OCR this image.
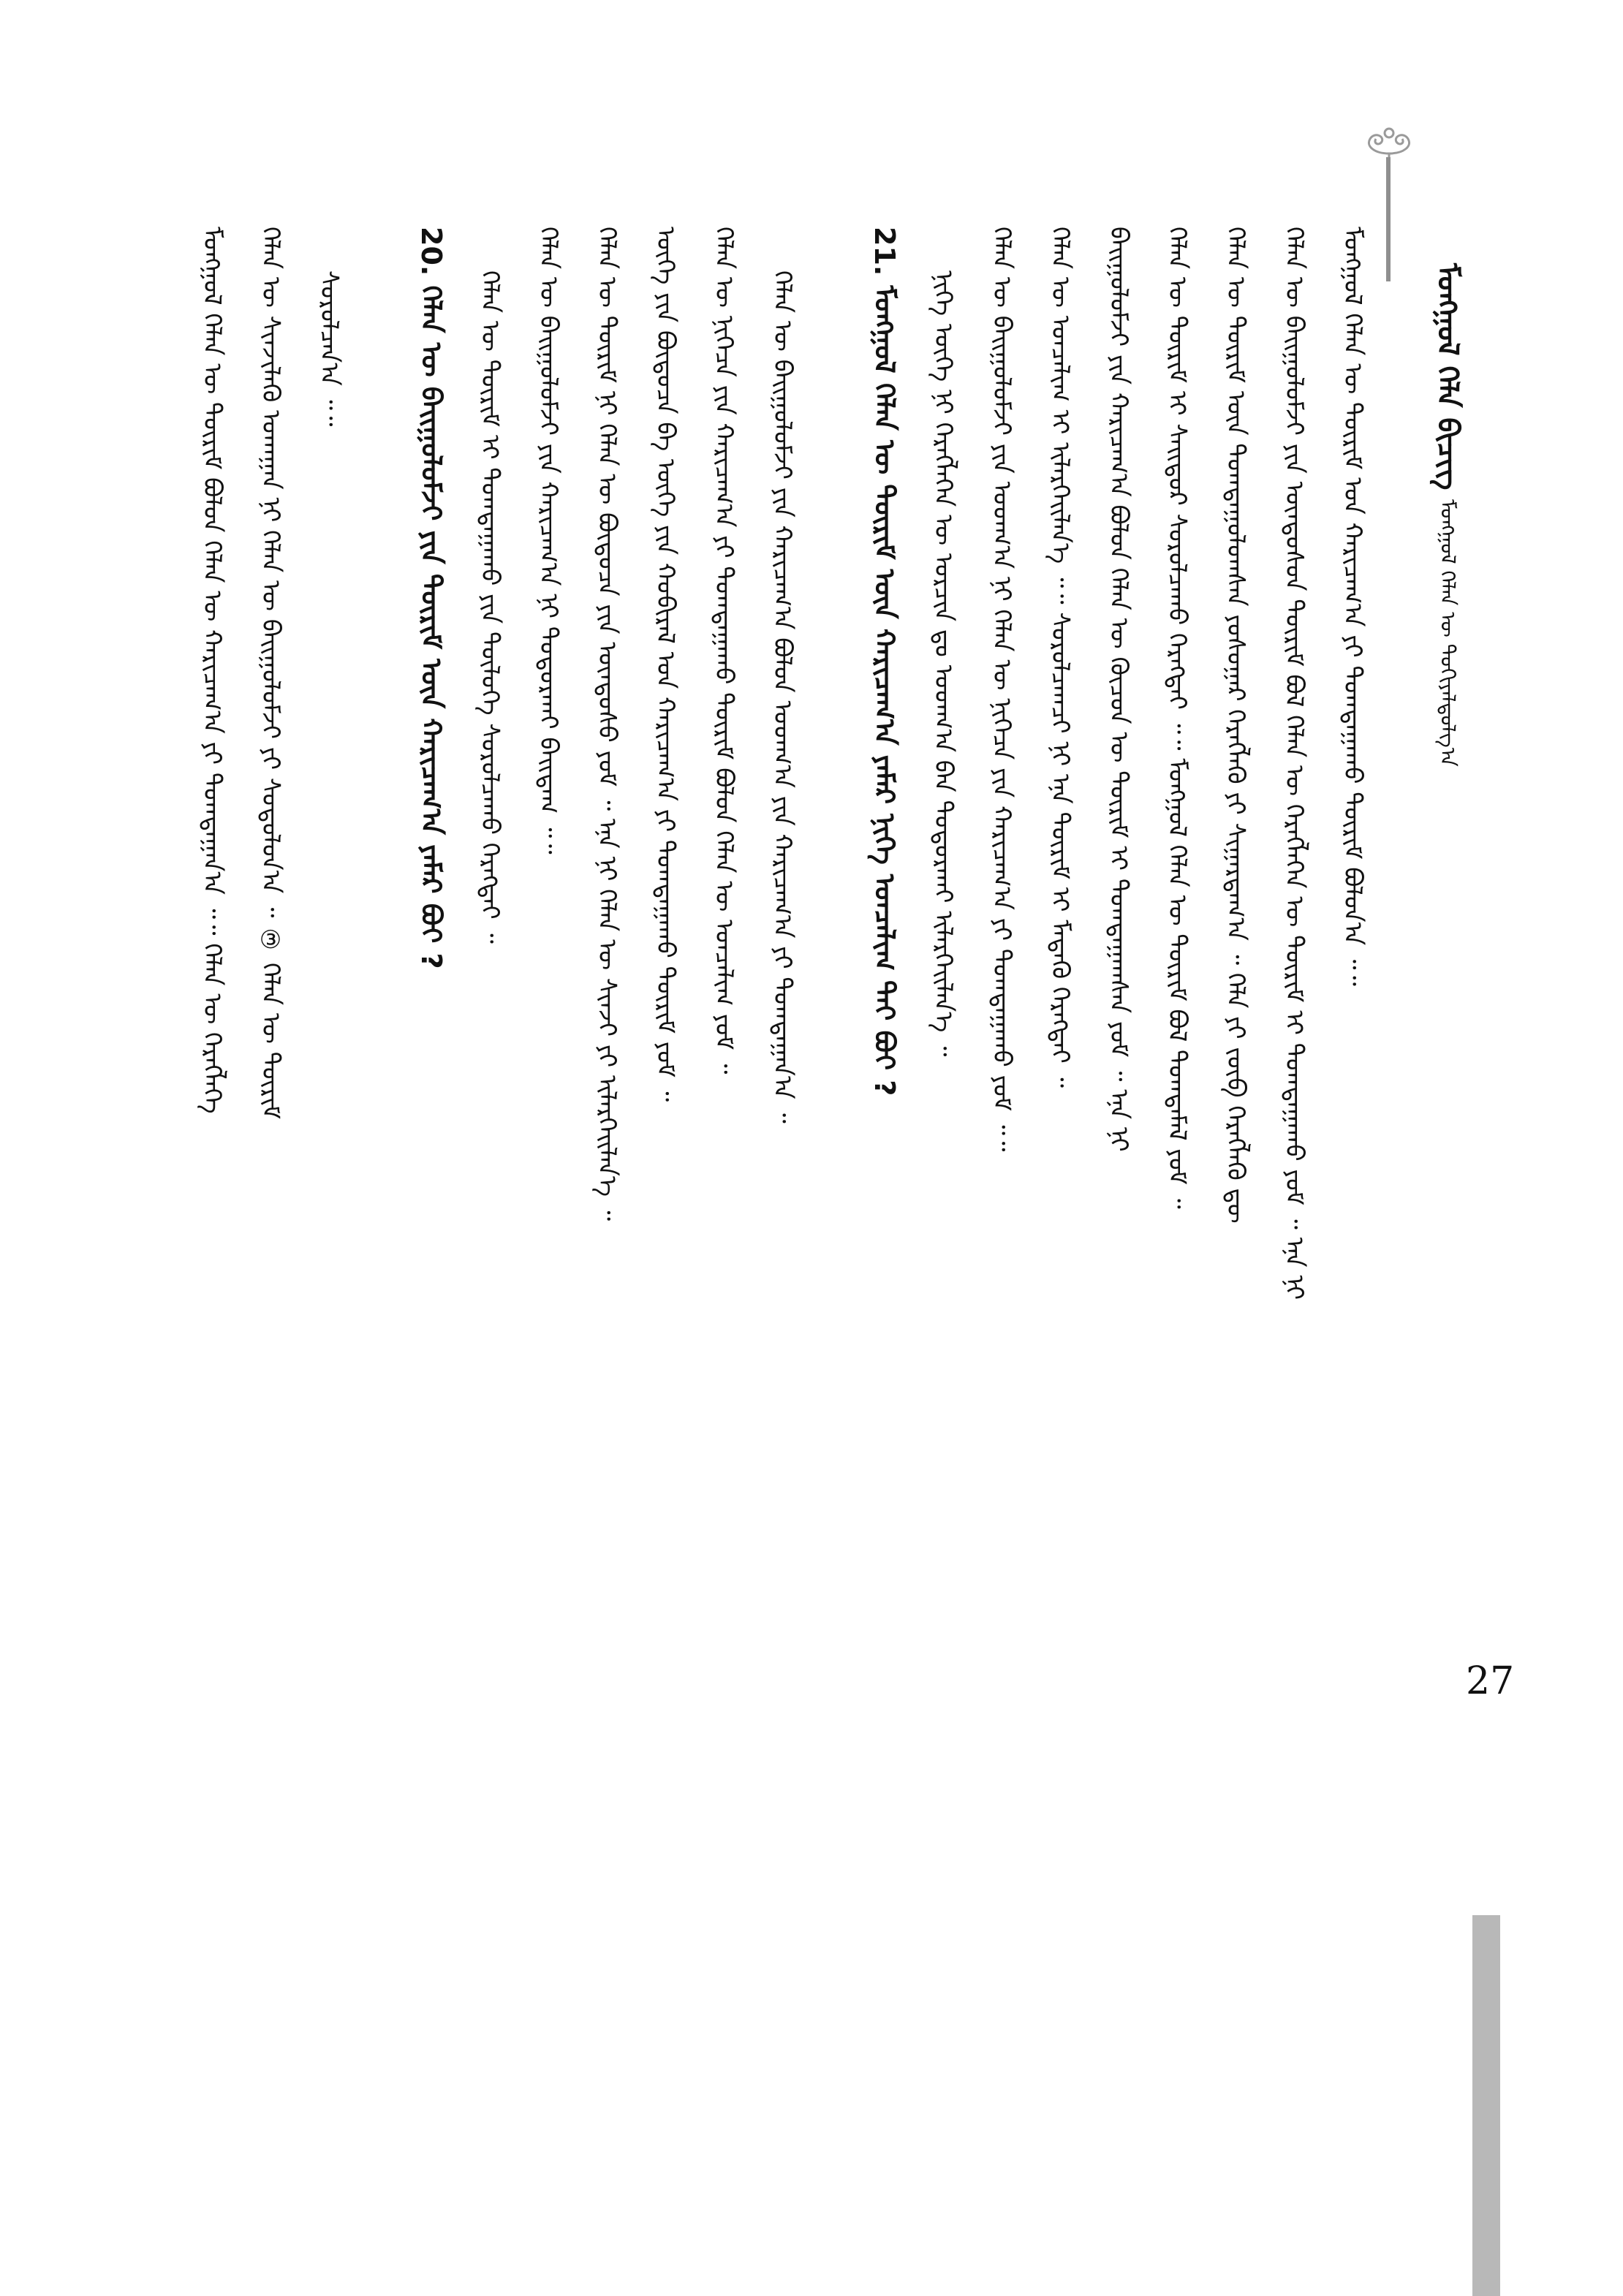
ᠮᠣᠩᠭᠣᠯ ᠬᠡᠯᠡ ᠪᠢᠴᠢᠭ᠌ ᠮᠣᠩᠭᠣᠯ ᠬᠡᠯᠡᠨ ᠦ ᠲᠣᠬᠢᠶᠠᠯᠳᠤᠯᠭ᠎ᠠ
27
ᠮᠣᠩᠭᠣᠯ ᠬᠡᠯᠡᠨ ᠦ ᠳᠦᠷᠢᠮ ᠤᠨ ᠬᠠᠷᠢᠴᠠᠭ᠎ᠠ ᠶᠢ ᠲᠣᠭᠲᠠᠭᠠᠬᠤ ᠳᠦᠷᠢᠮ ᠪᠣᠯᠤᠨ᠎ᠠ ᠃᠃
ᠬᠡᠯᠡᠨ ᠦ ᠪᠠᠢᠭᠤᠯᠤᠮᠵᠢ ᠶᠢᠨ ᠦᠨᠳᠦᠰᠦᠨ ᠳᠦᠷᠢᠮ ᠪᠣᠯ ᠬᠡᠯᠡᠨ ᠦ ᠬᠡᠷᠡᠭᠯᠡᠭᠡᠨ ᠦ ᠳᠦᠷᠢᠮ ᠢ ᠲᠣᠭᠲᠠᠭᠠᠬᠤ ᠶᠤᠮ ᠃ ᠡᠨᠡ ᠨᠢ
ᠬᠡᠯᠡᠨ ᠦ ᠳᠦᠷᠢᠮ ᠦᠨ ᠲᠣᠭᠲᠠᠭᠤᠯᠤᠭᠰᠠᠨ ᠶᠣᠰᠣᠭᠠᠷ ᠬᠡᠷᠡᠭᠯᠡᠬᠦ ᠶᠢ ᠰᠢᠭᠠᠷᠳᠠᠭ᠎ᠠ ᠃ ᠬᠡᠯᠡ ᠶᠢ ᠵᠥᠪ ᠬᠡᠷᠡᠭᠯᠡᠬᠦ ᠳᠦ
ᠬᠡᠯᠡᠨ ᠦ ᠳᠦᠷᠢᠮ ᠢ ᠰᠠᠢᠲᠤᠷ ᠰᠤᠷᠤᠯᠴᠠᠬᠤ ᠬᠡᠷᠡᠭᠲᠡᠢ ᠃᠃ ᠮᠣᠩᠭᠣᠯ ᠬᠡᠯᠡᠨ ᠦ ᠳᠦᠷᠢᠮ ᠪᠣᠯ ᠲᠣᠭᠲᠠᠮᠠᠯ ᠶᠤᠮ ᠃
ᠪᠠᠢᠭᠤᠯᠤᠮᠵᠢ ᠶᠢᠨ ᠬᠠᠷᠢᠴᠠᠭ᠎ᠠ ᠪᠣᠯᠤᠨ ᠬᠡᠯᠡᠨ ᠦ ᠬᠦᠴᠦᠨ ᠦ ᠳᠦᠷᠢᠮ ᠢ ᠲᠣᠭᠲᠠᠭᠠᠭᠰᠠᠨ ᠶᠤᠮ ᠃ ᠡᠨᠡ ᠨᠢ
ᠬᠡᠯᠡᠨ ᠦ ᠣᠨᠴᠠᠯᠢᠭ ᠢ ᠢᠯᠡᠷᠬᠡᠢᠯᠡᠨ᠎ᠡ ᠃᠃ ᠰᠤᠷᠤᠯᠴᠠᠭᠴᠢ ᠨᠢ ᠡᠨᠡ ᠳᠦᠷᠢᠮ ᠢ ᠮᠡᠳᠡᠬᠦ ᠬᠡᠷᠡᠭᠲᠡᠢ ᠃
ᠬᠡᠯᠡᠨ ᠦ ᠪᠠᠢᠭᠤᠯᠤᠮᠵᠢ ᠶᠢᠨ ᠤᠳᠬ᠎ᠠ ᠨᠢ ᠬᠡᠯᠡᠨ ᠦ ᠨᠢᠭᠡᠴᠡ ᠶᠢᠨ ᠬᠠᠷᠢᠴᠠᠭ᠎ᠠ ᠶᠢ ᠲᠣᠭᠲᠠᠭᠠᠬᠤ ᠶᠤᠮ ᠃᠃
ᠨᠢᠭᠡ ᠦᠭᠡ ᠨᠢ ᠬᠡᠷᠡᠭᠯᠡᠭᠡᠨ ᠦ ᠣᠷᠴᠢᠨ ᠳᠤ ᠤᠳᠬ᠎ᠠ ᠪᠠᠨ ᠲᠣᠳᠣᠷᠬᠠᠢ ᠢᠯᠡᠷᠬᠡᠢᠯᠡᠨ᠎ᠡ ᠃
21. ᠮᠣᠩᠭᠣᠯ ᠬᠡᠯᠡᠨ ᠦ ᠳᠦᠷᠢᠮ ᠦᠨ ᠬᠠᠷᠢᠴᠠᠭ᠎ᠠ ᠶᠠᠮᠠᠷ ᠨᠢᠭᠡ ᠣᠨᠴᠠᠯᠢᠭ ᠲᠠᠢ ᠪᠤᠢ ?
ᠬᠡᠯᠡᠨ ᠦ ᠪᠠᠢᠭᠤᠯᠤᠮᠵᠢ ᠶᠢᠨ ᠬᠠᠷᠢᠴᠠᠭ᠎ᠠ ᠪᠣᠯᠤᠨ ᠤᠳᠬ᠎ᠠ ᠶᠢᠨ ᠬᠠᠷᠢᠴᠠᠭ᠎ᠠ ᠶᠢ ᠲᠣᠭᠲᠠᠭᠠᠨ᠎ᠠ ᠃
ᠬᠡᠯᠡᠨ ᠦ ᠨᠢᠭᠡᠴᠡ ᠶᠢᠨ ᠬᠠᠷᠢᠴᠠᠭ᠎ᠠ ᠶᠢ ᠲᠣᠭᠲᠠᠭᠠᠬᠤ ᠳᠦᠷᠢᠮ ᠪᠣᠯᠤᠨ ᠬᠡᠯᠡᠨ ᠦ ᠣᠨᠴᠠᠯᠢᠭ ᠶᠤᠮ ᠃
ᠦᠭᠡ ᠶᠢᠨ ᠪᠦᠲᠦᠴᠡ ᠪᠠ ᠦᠭᠡ ᠶᠢᠨ ᠬᠤᠪᠢᠷᠠᠯ ᠤᠨ ᠬᠠᠷᠢᠴᠠᠭ᠎ᠠ ᠶᠢ ᠲᠣᠭᠲᠠᠭᠠᠬᠤ ᠳᠦᠷᠢᠮ ᠶᠤᠮ ᠃
ᠬᠡᠯᠡᠨ ᠦ ᠳᠦᠷᠢᠮ ᠨᠢ ᠬᠡᠯᠡᠨ ᠦ ᠪᠦᠲᠦᠴᠡ ᠶᠢᠨ ᠦᠨᠳᠦᠰᠦ ᠶᠤᠮ ᠃ ᠡᠨᠡ ᠨᠢ ᠬᠡᠯᠡᠨ ᠦ ᠰᠢᠨᠵᠢ ᠶᠢ ᠢᠯᠡᠷᠬᠡᠢᠯᠡᠨ᠎ᠡ ᠃
ᠬᠡᠯᠡᠨ ᠦ ᠪᠠᠢᠭᠤᠯᠤᠮᠵᠢ ᠶᠢᠨ ᠬᠠᠷᠢᠴᠠᠭ᠎ᠠ ᠨᠢ ᠲᠣᠳᠣᠷᠬᠠᠢ ᠪᠠᠢᠳᠠᠭ ᠃᠃
ᠬᠡᠯᠡᠨ ᠦ ᠳᠦᠷᠢᠮ ᠢ ᠲᠣᠭᠲᠠᠭᠠᠬᠤ ᠶᠢᠨ ᠲᠥᠯᠦᠭᠡ ᠰᠤᠷᠤᠯᠴᠠᠬᠤ ᠬᠡᠷᠡᠭᠲᠡᠢ ᠃
20. ᠬᠡᠯᠡᠨ ᠦ ᠪᠠᠢᠭᠤᠯᠤᠮᠵᠢ ᠶᠢᠨ ᠳᠦᠷᠢᠮ ᠦᠨ ᠬᠠᠷᠢᠴᠠᠭ᠎ᠠ ᠶᠠᠮᠠᠷ ᠪᠤᠢ ?
ᠰᠤᠷᠤᠯᠴᠠᠨ᠎ᠠ ᠃᠃
ᠬᠡᠯᠡᠨ ᠦ ᠰᠢᠨᠵᠢᠯᠡᠬᠦ ᠤᠬᠠᠭᠠᠨ ᠨᠢ ᠬᠡᠯᠡᠨ ᠦ ᠪᠠᠢᠭᠤᠯᠤᠮᠵᠢ ᠶᠢ ᠰᠤᠳᠤᠯᠤᠨ᠎ᠠ ᠃ ③ ᠬᠡᠯᠡᠨ ᠦ ᠳᠦᠷᠢᠮ
ᠮᠣᠩᠭᠣᠯ ᠬᠡᠯᠡᠨ ᠦ ᠳᠦᠷᠢᠮ ᠪᠣᠯᠤᠨ ᠬᠡᠯᠡᠨ ᠦ ᠬᠠᠷᠢᠴᠠᠭ᠎ᠠ ᠶᠢ ᠲᠣᠭᠲᠠᠭᠠᠨ᠎ᠠ ᠃᠃ ᠬᠡᠯᠡᠨ ᠦ ᠬᠡᠷᠡᠭᠯᠡᠭᠡ
